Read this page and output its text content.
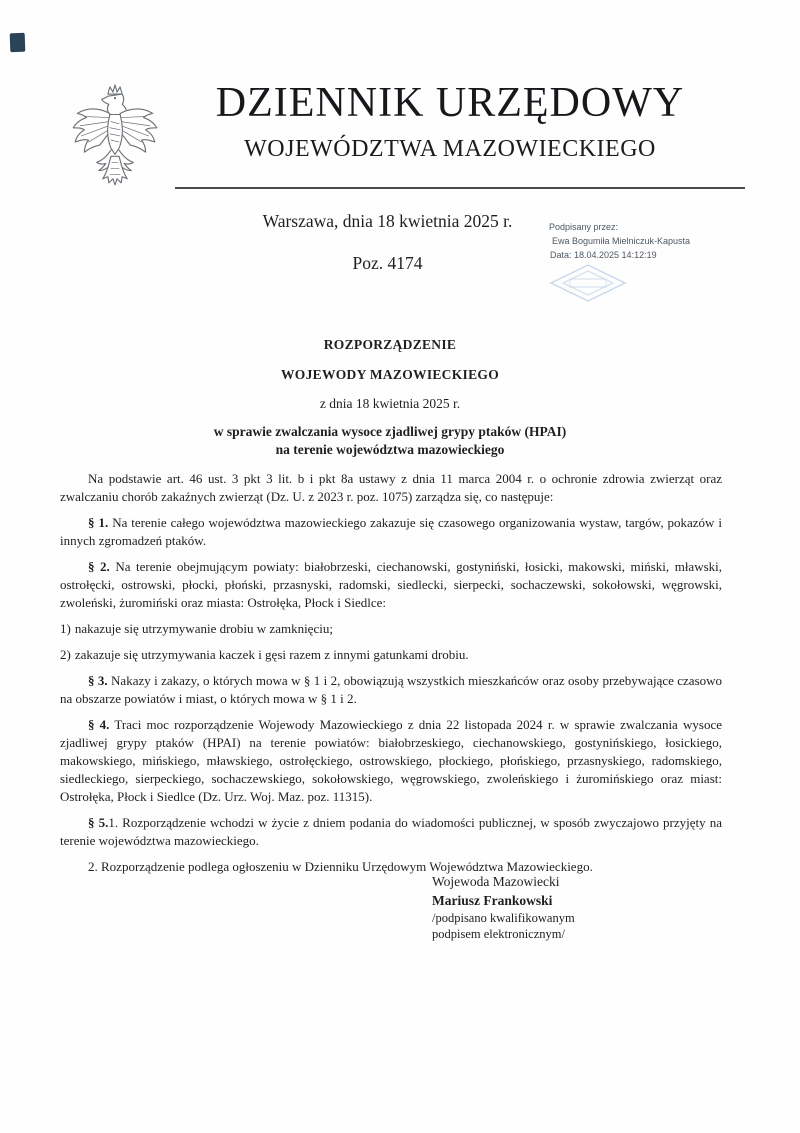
DZIENNIK URZĘDOWY
WOJEWÓDZTWA MAZOWIECKIEGO
Warszawa, dnia 18 kwietnia 2025 r.
Poz. 4174
Podpisany przez:
Ewa Bogumiła Mielniczuk-Kapusta
Data: 18.04.2025 14:12:19
ROZPORZĄDZENIE
WOJEWODY MAZOWIECKIEGO
z dnia 18 kwietnia 2025 r.
w sprawie zwalczania wysoce zjadliwej grypy ptaków (HPAI)
na terenie województwa mazowieckiego

Na podstawie art. 46 ust. 3 pkt 3 lit. b i pkt 8a ustawy z dnia 11 marca 2004 r. o ochronie zdrowia zwierząt oraz zwalczaniu chorób zakaźnych zwierząt (Dz. U. z 2023 r. poz. 1075) zarządza się, co następuje:

§ 1. Na terenie całego województwa mazowieckiego zakazuje się czasowego organizowania wystaw, targów, pokazów i innych zgromadzeń ptaków.

§ 2. Na terenie obejmującym powiaty: białobrzeski, ciechanowski, gostyniński, łosicki, makowski, miński, mławski, ostrołęcki, ostrowski, płocki, płoński, przasnyski, radomski, siedlecki, sierpecki, sochaczewski, sokołowski, węgrowski, zwoleński, żuromiński oraz miasta: Ostrołęka, Płock i Siedlce:

1) nakazuje się utrzymywanie drobiu w zamknięciu;

2) zakazuje się utrzymywania kaczek i gęsi razem z innymi gatunkami drobiu.

§ 3. Nakazy i zakazy, o których mowa w § 1 i 2, obowiązują wszystkich mieszkańców oraz osoby przebywające czasowo na obszarze powiatów i miast, o których mowa w § 1 i 2.

§ 4. Traci moc rozporządzenie Wojewody Mazowieckiego z dnia 22 listopada 2024 r. w sprawie zwalczania wysoce zjadliwej grypy ptaków (HPAI) na terenie powiatów: białobrzeskiego, ciechanowskiego, gostynińskiego, łosickiego, makowskiego, mińskiego, mławskiego, ostrołęckiego, ostrowskiego, płockiego, płońskiego, przasnyskiego, radomskiego, siedleckiego, sierpeckiego, sochaczewskiego, sokołowskiego, węgrowskiego, zwoleńskiego i żuromińskiego oraz miast: Ostrołęka, Płock i Siedlce (Dz. Urz. Woj. Maz. poz. 11315).

§ 5.1. Rozporządzenie wchodzi w życie z dniem podania do wiadomości publicznej, w sposób zwyczajowo przyjęty na terenie województwa mazowieckiego.

2. Rozporządzenie podlega ogłoszeniu w Dzienniku Urzędowym Województwa Mazowieckiego.

Wojewoda Mazowiecki
Mariusz Frankowski
/podpisano kwalifikowanym
podpisem elektronicznym/
